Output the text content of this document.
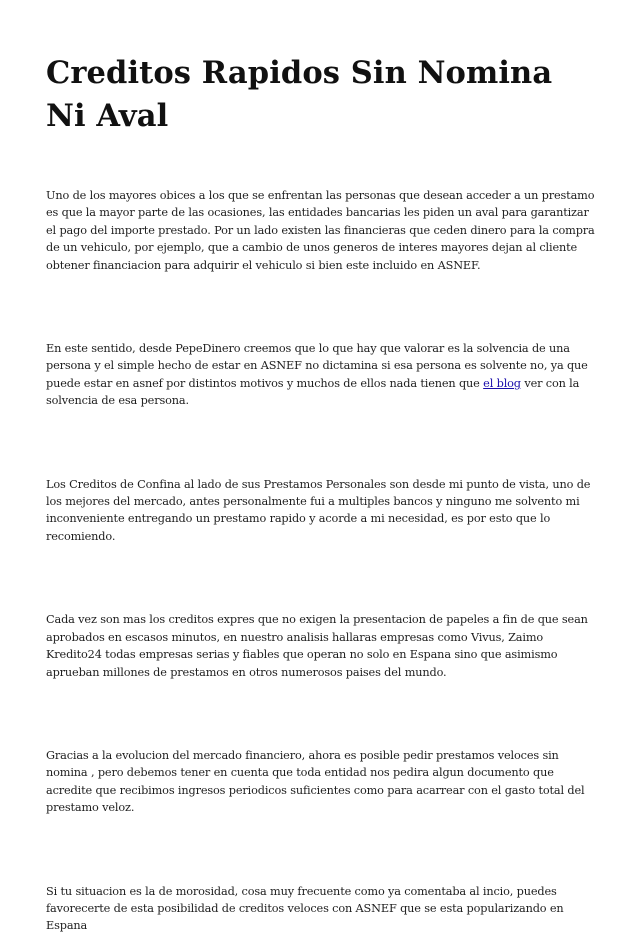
Creditos Rapidos Sin Nomina Ni Aval

Uno de los mayores obices a los que se enfrentan las personas que desean acceder a un prestamo es que la mayor parte de las ocasiones, las entidades bancarias les piden un aval para garantizar el pago del importe prestado. Por un lado existen las financieras que ceden dinero para la compra de un vehiculo, por ejemplo, que a cambio de unos generos de interes mayores dejan al cliente obtener financiacion para adquirir el vehiculo si bien este incluido en ASNEF.

En este sentido, desde PepeDinero creemos que lo que hay que valorar es la solvencia de una persona y el simple hecho de estar en ASNEF no dictamina si esa persona es solvente no, ya que puede estar en asnef por distintos motivos y muchos de ellos nada tienen que el blog ver con la solvencia de esa persona.

Los Creditos de Confina al lado de sus Prestamos Personales son desde mi punto de vista, uno de los mejores del mercado, antes personalmente fui a multiples bancos y ninguno me solvento mi inconveniente entregando un prestamo rapido y acorde a mi necesidad, es por esto que lo recomiendo.

Cada vez son mas los creditos expres que no exigen la presentacion de papeles a fin de que sean aprobados en escasos minutos, en nuestro analisis hallaras empresas como Vivus, Zaimo Kredito24 todas empresas serias y fiables que operan no solo en Espana sino que asimismo aprueban millones de prestamos en otros numerosos paises del mundo.

Gracias a la evolucion del mercado financiero, ahora es posible pedir prestamos veloces sin nomina , pero debemos tener en cuenta que toda entidad nos pedira algun documento que acredite que recibimos ingresos periodicos suficientes como para acarrear con el gasto total del prestamo veloz.

Si tu situacion es la de morosidad, cosa muy frecuente como ya comentaba al incio, puedes favorecerte de esta posibilidad de creditos veloces con ASNEF que se esta popularizando en Espana
